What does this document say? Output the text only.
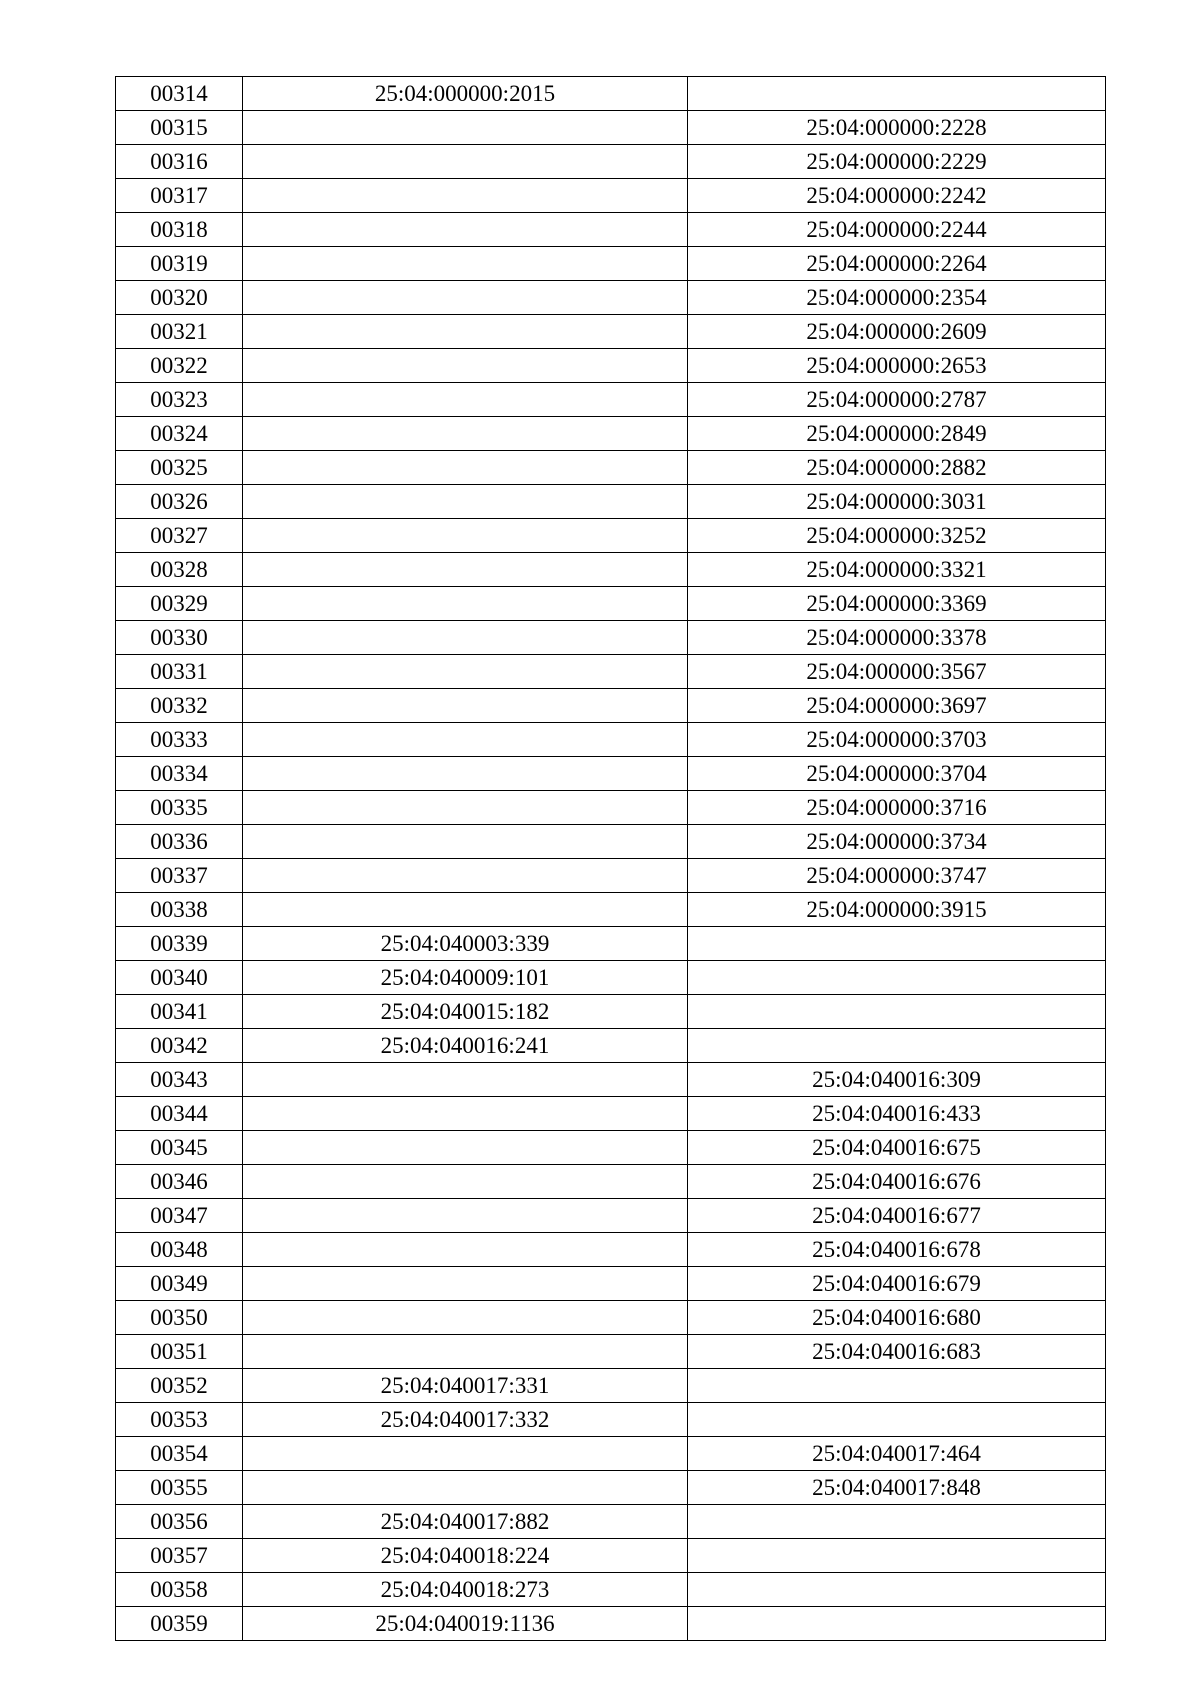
00314	25:04:000000:2015	
00315		25:04:000000:2228
00316		25:04:000000:2229
00317		25:04:000000:2242
00318		25:04:000000:2244
00319		25:04:000000:2264
00320		25:04:000000:2354
00321		25:04:000000:2609
00322		25:04:000000:2653
00323		25:04:000000:2787
00324		25:04:000000:2849
00325		25:04:000000:2882
00326		25:04:000000:3031
00327		25:04:000000:3252
00328		25:04:000000:3321
00329		25:04:000000:3369
00330		25:04:000000:3378
00331		25:04:000000:3567
00332		25:04:000000:3697
00333		25:04:000000:3703
00334		25:04:000000:3704
00335		25:04:000000:3716
00336		25:04:000000:3734
00337		25:04:000000:3747
00338		25:04:000000:3915
00339	25:04:040003:339	
00340	25:04:040009:101	
00341	25:04:040015:182	
00342	25:04:040016:241	
00343		25:04:040016:309
00344		25:04:040016:433
00345		25:04:040016:675
00346		25:04:040016:676
00347		25:04:040016:677
00348		25:04:040016:678
00349		25:04:040016:679
00350		25:04:040016:680
00351		25:04:040016:683
00352	25:04:040017:331	
00353	25:04:040017:332	
00354		25:04:040017:464
00355		25:04:040017:848
00356	25:04:040017:882	
00357	25:04:040018:224	
00358	25:04:040018:273	
00359	25:04:040019:1136	
